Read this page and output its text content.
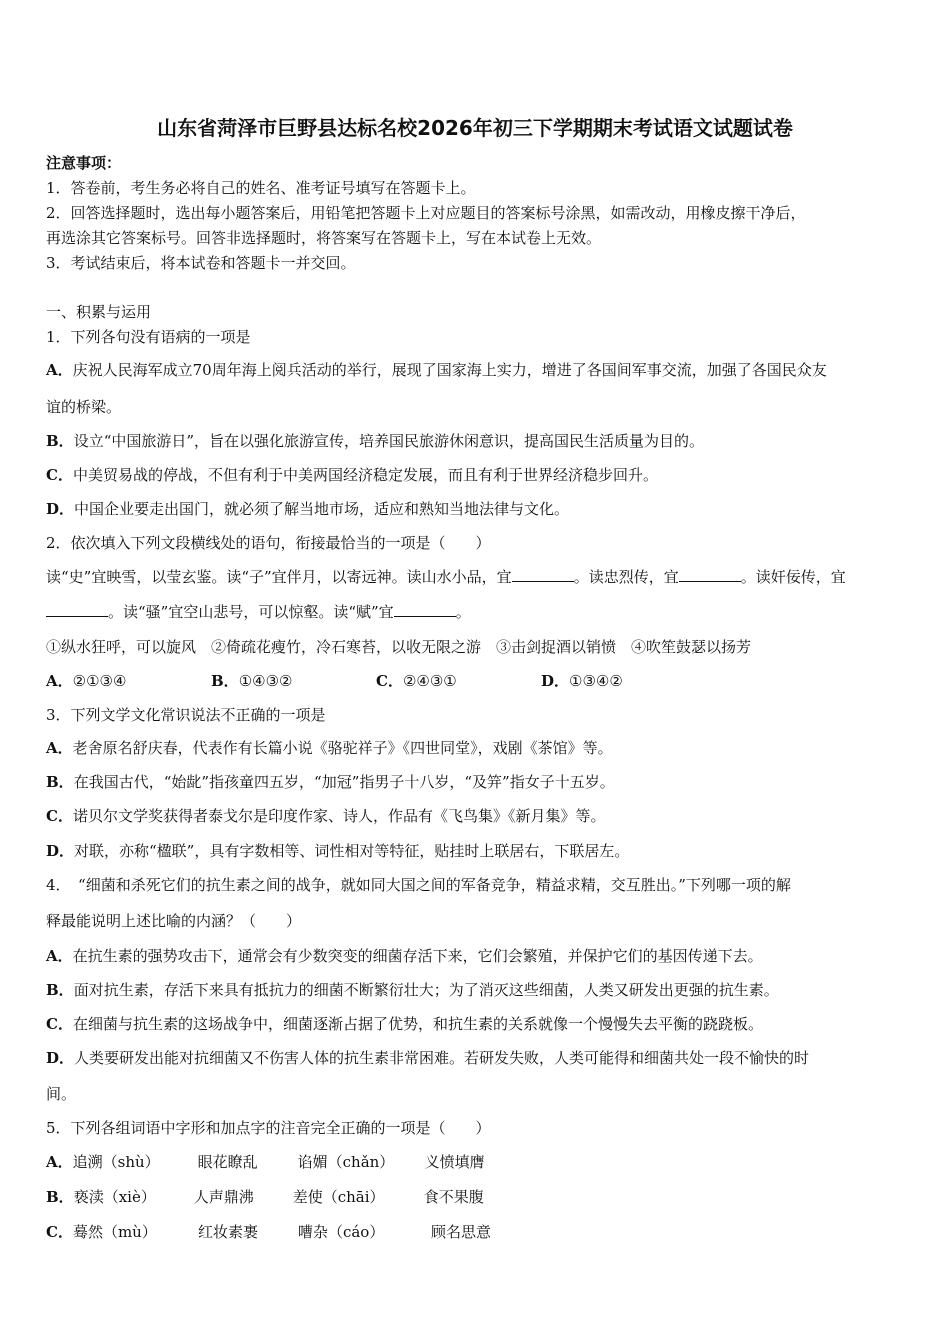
山东省菏泽市巨野县达标名校2026年初三下学期期末考试语文试题试卷
注意事项：
1．答卷前，考生务必将自己的姓名、准考证号填写在答题卡上。
2．回答选择题时，选出每小题答案后，用铅笔把答题卡上对应题目的答案标号涂黑，如需改动，用橡皮擦干净后，
再选涂其它答案标号。回答非选择题时，将答案写在答题卡上，写在本试卷上无效。
3．考试结束后，将本试卷和答题卡一并交回。
一、积累与运用
1．下列各句没有语病的一项是
A．庆祝人民海军成立70周年海上阅兵活动的举行，展现了国家海上实力，增进了各国间军事交流，加强了各国民众友
谊的桥梁。
B．设立“中国旅游日”，旨在以强化旅游宣传，培养国民旅游休闲意识，提高国民生活质量为目的。
C．中美贸易战的停战，不但有利于中美两国经济稳定发展，而且有利于世界经济稳步回升。
D．中国企业要走出国门，就必须了解当地市场，适应和熟知当地法律与文化。
2．依次填入下列文段横线处的语句，衔接最恰当的一项是（　　）
读“史”宜映雪，以莹玄鉴。读“子”宜伴月，以寄远神。读山水小品，宜	。读忠烈传，宜	。读奸佞传，宜
。读“骚”宜空山悲号，可以惊壑。读“赋”宜	。
①纵水狂呼，可以旋风　②倚疏花瘦竹，冷石寒苔，以收无限之游　③击剑捉酒以销愤　④吹笙鼓瑟以扬芳
A．②①③④	B．①④③②	C．②④③①	D．①③④②
3．下列文学文化常识说法不正确的一项是
A．老舍原名舒庆春，代表作有长篇小说《骆驼祥子》《四世同堂》，戏剧《茶馆》等。
B．在我国古代，“始龀”指孩童四五岁，“加冠”指男子十八岁，“及笄”指女子十五岁。
C．诺贝尔文学奖获得者泰戈尔是印度作家、诗人，作品有《飞鸟集》《新月集》等。
D．对联，亦称“楹联”，具有字数相等、词性相对等特征，贴挂时上联居右，下联居左。
4．　“细菌和杀死它们的抗生素之间的战争，就如同大国之间的军备竞争，精益求精，交互胜出。”下列哪一项的解
释最能说明上述比喻的内涵？（　　）
A．在抗生素的强势攻击下，通常会有少数突变的细菌存活下来，它们会繁殖，并保护它们的基因传递下去。
B．面对抗生素，存活下来具有抵抗力的细菌不断繁衍壮大；为了消灭这些细菌，人类又研发出更强的抗生素。
C．在细菌与抗生素的这场战争中，细菌逐渐占据了优势，和抗生素的关系就像一个慢慢失去平衡的跷跷板。
D．人类要研发出能对抗细菌又不伤害人体的抗生素非常困难。若研发失败，人类可能得和细菌共处一段不愉快的时
间。
5．下列各组词语中字形和加点字的注音完全正确的一项是（　　）
A．追溯（shù）	眼花瞭乱	谄媚（chǎn） 义愤填膺
B．亵渎（xiè）	人声鼎沸	差使（chāi）	食不果腹
C．蓦然（mù）	红妆素裹	嘈杂（cáo）	顾名思意
